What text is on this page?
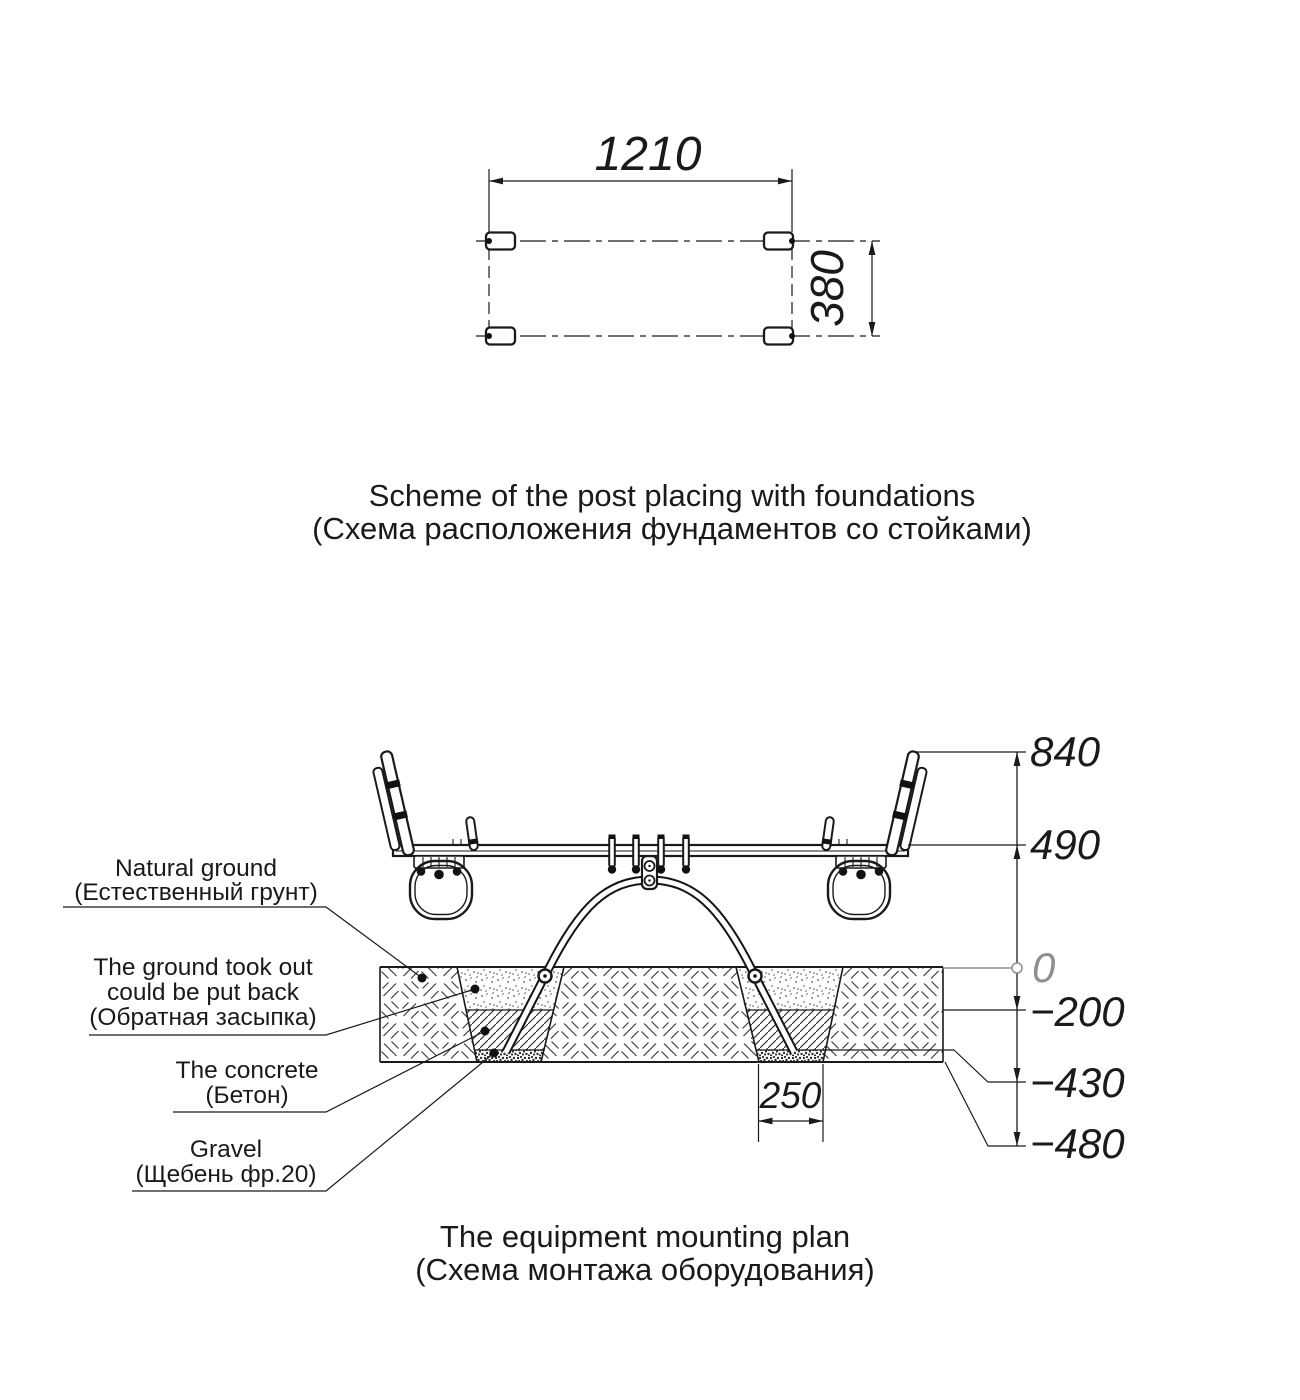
1210
380
Scheme of the post placing with foundations
(Схема расположения фундаментов со стойками)
840
490
0
−200
−430
−480
250
Natural ground
(Естественный грунт)
The ground took out
could be put back
(Обратная засыпка)
The concrete
(Бетон)
Gravel
(Щебень фр.20)
The equipment mounting plan
(Схема монтажа оборудования)
